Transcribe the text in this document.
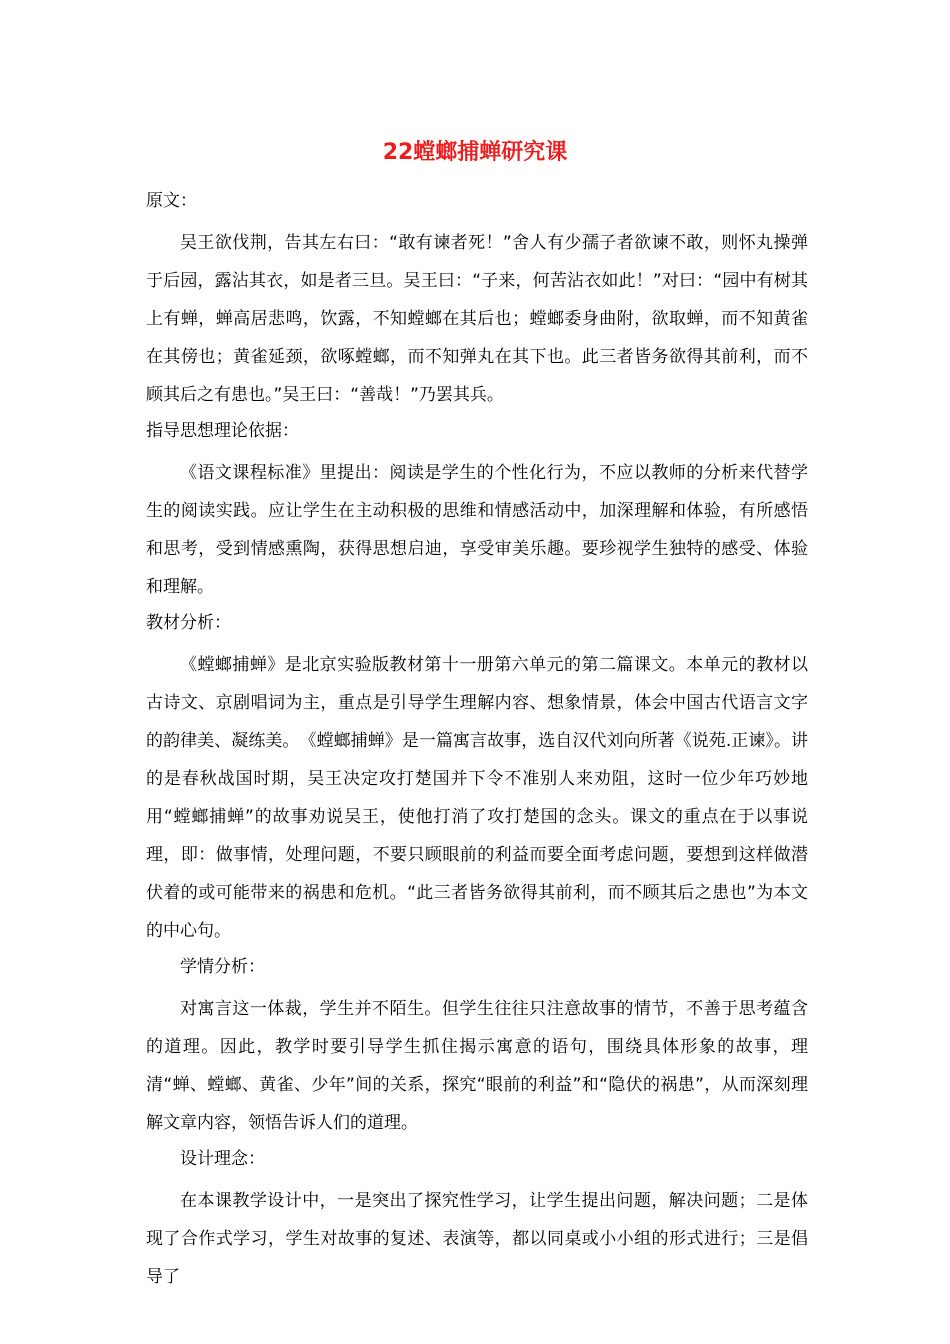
22螳螂捕蝉研究课

原文：

吴王欲伐荆，告其左右曰：“敢有谏者死！”舍人有少孺子者欲谏不敢，则怀丸操弹于后园，露沾其衣，如是者三旦。吴王曰：“子来，何苦沾衣如此！”对曰：“园中有树其上有蝉，蝉高居悲鸣，饮露，不知螳螂在其后也；螳螂委身曲附，欲取蝉，而不知黄雀在其傍也；黄雀延颈，欲啄螳螂，而不知弹丸在其下也。此三者皆务欲得其前利，而不顾其后之有患也。”吴王曰：“善哉！”乃罢其兵。

指导思想理论依据：

《语文课程标准》里提出：阅读是学生的个性化行为，不应以教师的分析来代替学生的阅读实践。应让学生在主动积极的思维和情感活动中，加深理解和体验，有所感悟和思考，受到情感熏陶，获得思想启迪，享受审美乐趣。要珍视学生独特的感受、体验和理解。

教材分析：

《螳螂捕蝉》是北京实验版教材第十一册第六单元的第二篇课文。本单元的教材以古诗文、京剧唱词为主，重点是引导学生理解内容、想象情景，体会中国古代语言文字的韵律美、凝练美。　《螳螂捕蝉》是一篇寓言故事，选自汉代刘向所著《说苑.正谏》。讲的是春秋战国时期，吴王决定攻打楚国并下令不准别人来劝阻，这时一位少年巧妙地用“螳螂捕蝉”的故事劝说吴王，使他打消了攻打楚国的念头。课文的重点在于以事说理，即：做事情，处理问题，不要只顾眼前的利益而要全面考虑问题，要想到这样做潜伏着的或可能带来的祸患和危机。“此三者皆务欲得其前利，而不顾其后之患也”为本文的中心句。

学情分析：

对寓言这一体裁，学生并不陌生。但学生往往只注意故事的情节，不善于思考蕴含的道理。因此，教学时要引导学生抓住揭示寓意的语句，围绕具体形象的故事，理清“蝉、螳螂、黄雀、少年”间的关系，探究“眼前的利益”和“隐伏的祸患”，从而深刻理解文章内容，领悟告诉人们的道理。

设计理念：

在本课教学设计中，一是突出了探究性学习，让学生提出问题，解决问题；二是体现了合作式学习，学生对故事的复述、表演等，都以同桌或小小组的形式进行；三是倡导了
